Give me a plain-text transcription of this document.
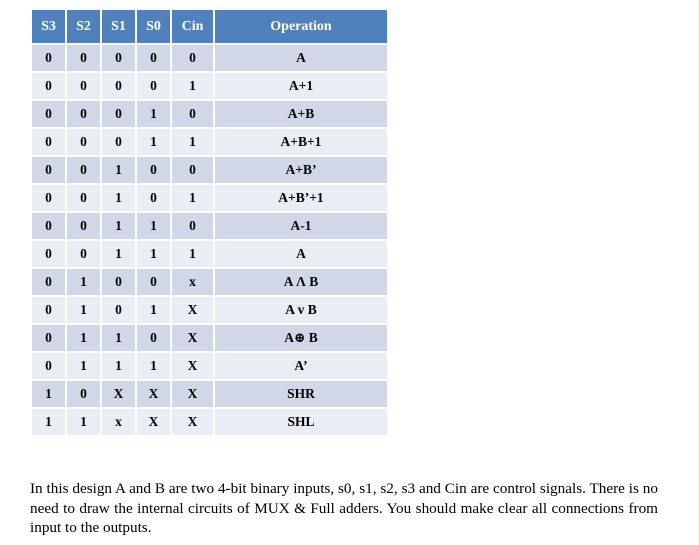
S3	S2	S1	S0	Cin	Operation
0	0	0	0	0	A
0	0	0	0	1	A+1
0	0	0	1	0	A+B
0	0	0	1	1	A+B+1
0	0	1	0	0	A+B’
0	0	1	0	1	A+B’+1
0	0	1	1	0	A-1
0	0	1	1	1	A
0	1	0	0	x	A Λ B
0	1	0	1	X	A v B
0	1	1	0	X	A⊕ B
0	1	1	1	X	A’
1	0	X	X	X	SHR
1	1	x	X	X	SHL

In this design A and B are two 4-bit binary inputs, s0, s1, s2, s3 and Cin are control signals. There is no need to draw the internal circuits of MUX & Full adders. You should make clear all connections from input to the outputs.
